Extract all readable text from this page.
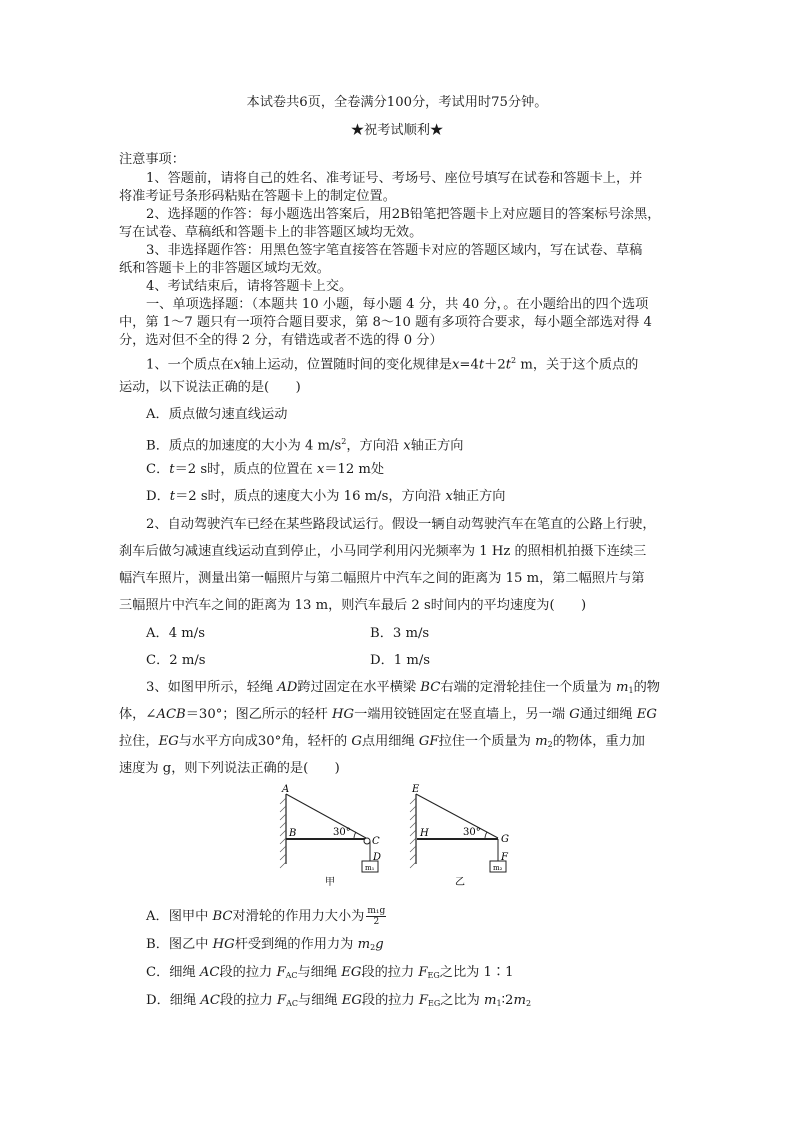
本试卷共6页，全卷满分100分，考试用时75分钟。
★祝考试顺利★
注意事项：
1、答题前，请将自己的姓名、准考证号、考场号、座位号填写在试卷和答题卡上，并
将准考证号条形码粘贴在答题卡上的制定位置。
2、选择题的作答：每小题选出答案后，用2B铅笔把答题卡上对应题目的答案标号涂黑，
写在试卷、草稿纸和答题卡上的非答题区域均无效。
3、非选择题作答：用黑色签字笔直接答在答题卡对应的答题区域内，写在试卷、草稿
纸和答题卡上的非答题区域均无效。
4、考试结束后，请将答题卡上交。
一、单项选择题：（本题共 10 小题，每小题 4 分，共 40 分，。在小题给出的四个选项
中，第 1～7 题只有一项符合题目要求，第 8～10 题有多项符合要求，每小题全部选对得 4
分，选对但不全的得 2 分，有错选或者不选的得 0 分）
1、一个质点在x轴上运动，位置随时间的变化规律是$x=4t+2t^2$ m，关于这个质点的
运动，以下说法正确的是(　　)
A．质点做匀速直线运动
B．质点的加速度的大小为 4 $m/s^2$，方向沿 x轴正方向
C．t＝2 s时，质点的位置在 x＝12 m处
D．t＝2 s时，质点的速度大小为 16 m/s，方向沿 x轴正方向
2、自动驾驶汽车已经在某些路段试运行。假设一辆自动驾驶汽车在笔直的公路上行驶，
刹车后做匀减速直线运动直到停止，小马同学利用闪光频率为 1 Hz 的照相机拍摄下连续三
幅汽车照片，测量出第一幅照片与第二幅照片中汽车之间的距离为 15 m，第二幅照片与第
三幅照片中汽车之间的距离为 13 m，则汽车最后 2 s时间内的平均速度为(　　)
A．4 m/s	B．3 m/s
C．2 m/s	D．1 m/s
3、如图甲所示，轻绳 AD跨过固定在水平横梁 BC右端的定滑轮挂住一个质量为 $m_1$的物
体，∠ACB＝30°；图乙所示的轻杆 HG一端用铰链固定在竖直墙上，另一端 G通过细绳 EG
拉住，EG与水平方向成30°角，轻杆的 G点用细绳 GF拉住一个质量为 $m_2$的物体，重力加
速度为 g，则下列说法正确的是(　　)
A
B
C
D
30°
m₁
甲
E
H
G
F
30°
m₂
乙
A．图甲中 BC对滑轮的作用力大小为 $\frac{\text{m₁g}}{2}$
B．图乙中 HG杆受到绳的作用力为 $m_2g$
C．细绳 AC段的拉力 $F_{AC}$与细绳 EG段的拉力 $F_{EG}$之比为 1∶1
D．细绳 AC段的拉力 $F_{AC}$与细绳 EG段的拉力 $F_{EG}$之比为 $m_1∶2m_2$
